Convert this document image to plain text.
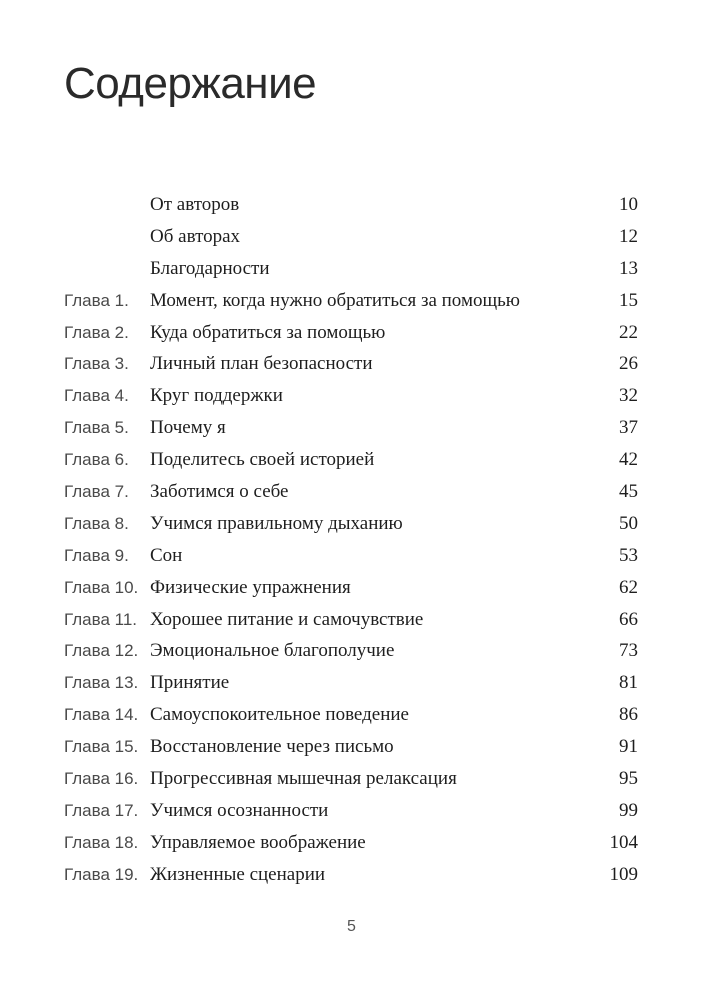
Содержание
От авторов	10
Об авторах	12
Благодарности	13
Глава 1. Момент, когда нужно обратиться за помощью	15
Глава 2. Куда обратиться за помощью	22
Глава 3. Личный план безопасности	26
Глава 4. Круг поддержки	32
Глава 5. Почему я	37
Глава 6. Поделитесь своей историей	42
Глава 7. Заботимся о себе	45
Глава 8. Учимся правильному дыханию	50
Глава 9. Сон	53
Глава 10. Физические упражнения	62
Глава 11. Хорошее питание и самочувствие	66
Глава 12. Эмоциональное благополучие	73
Глава 13. Принятие	81
Глава 14. Самоуспокоительное поведение	86
Глава 15. Восстановление через письмо	91
Глава 16. Прогрессивная мышечная релаксация	95
Глава 17. Учимся осознанности	99
Глава 18. Управляемое воображение	104
Глава 19. Жизненные сценарии	109
5
